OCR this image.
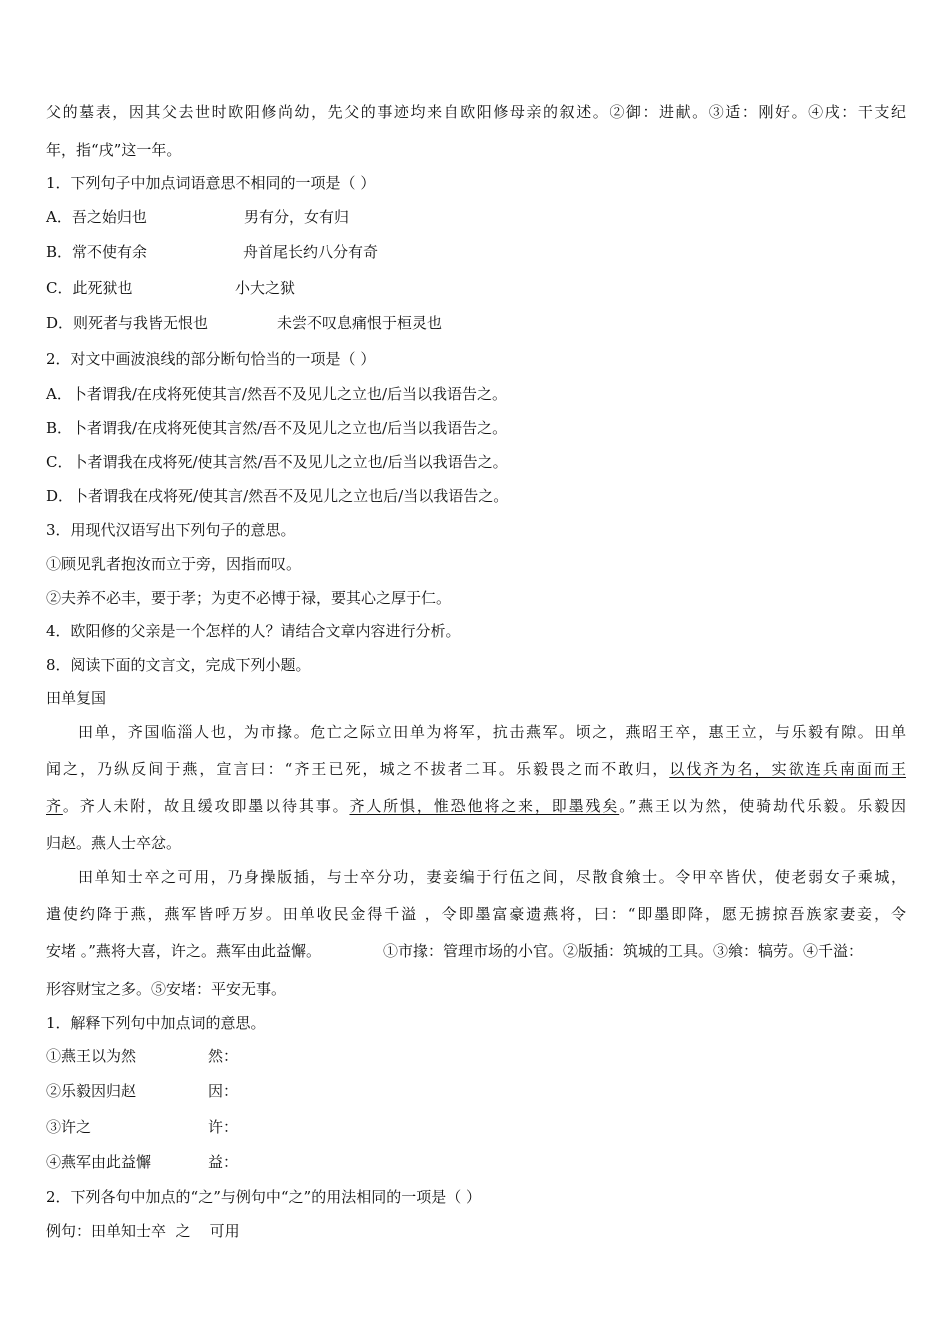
父的墓表，因其父去世时欧阳修尚幼，先父的事迹均来自欧阳修母亲的叙述。②御：进献。③适：刚好。④戌：干支纪
年，指“戌”这一年。
1．下列句子中加点词语意思不相同的一项是（ ）
A．吾之始归也	男有分，女有归
B．常不使有余	舟首尾长约八分有奇
C．此死狱也	小大之狱
D．则死者与我皆无恨也	未尝不叹息痛恨于桓灵也
2．对文中画波浪线的部分断句恰当的一项是（ ）
A．卜者谓我/在戌将死使其言/然吾不及见儿之立也/后当以我语告之。
B．卜者谓我/在戌将死使其言然/吾不及见儿之立也/后当以我语告之。
C．卜者谓我在戌将死/使其言然/吾不及见儿之立也/后当以我语告之。
D．卜者谓我在戌将死/使其言/然吾不及见儿之立也后/当以我语告之。
3．用现代汉语写出下列句子的意思。
①顾见乳者抱汝而立于旁，因指而叹。
②夫养不必丰，要于孝；为吏不必博于禄，要其心之厚于仁。
4．欧阳修的父亲是一个怎样的人？请结合文章内容进行分析。
8．阅读下面的文言文，完成下列小题。
田单复国
田单，齐国临淄人也，为市掾。危亡之际立田单为将军，抗击燕军。顷之，燕昭王卒，惠王立，与乐毅有隙。田单
闻之，乃纵反间于燕，宣言曰：“齐王已死，城之不拔者二耳。乐毅畏之而不敢归，以伐齐为名，实欲连兵南面而王
齐。齐人未附，故且缓攻即墨以待其事。齐人所惧，惟恐他将之来，即墨残矣。”燕王以为然，使骑劫代乐毅。乐毅因
归赵。燕人士卒忿。
田单知士卒之可用，乃身操版插，与士卒分功，妻妾编于行伍之间，尽散食飨士。令甲卒皆伏，使老弱女子乘城，
遣使约降于燕，燕军皆呼万岁。田单收民金得千溢 ，令即墨富豪遗燕将，曰：“即墨即降，愿无掳掠吾族家妻妾，令
安堵 。”燕将大喜，许之。燕军由此益懈。	①市掾：管理市场的小官。②版插：筑城的工具。③飨：犒劳。④千溢：
形容财宝之多。⑤安堵：平安无事。
1．解释下列句中加点词的意思。
①燕王以为然	然：
②乐毅因归赵	因：
③许之	许：
④燕军由此益懈	益：
2．下列各句中加点的“之”与例句中“之”的用法相同的一项是（ ）
例句：田单知士卒  之    可用
